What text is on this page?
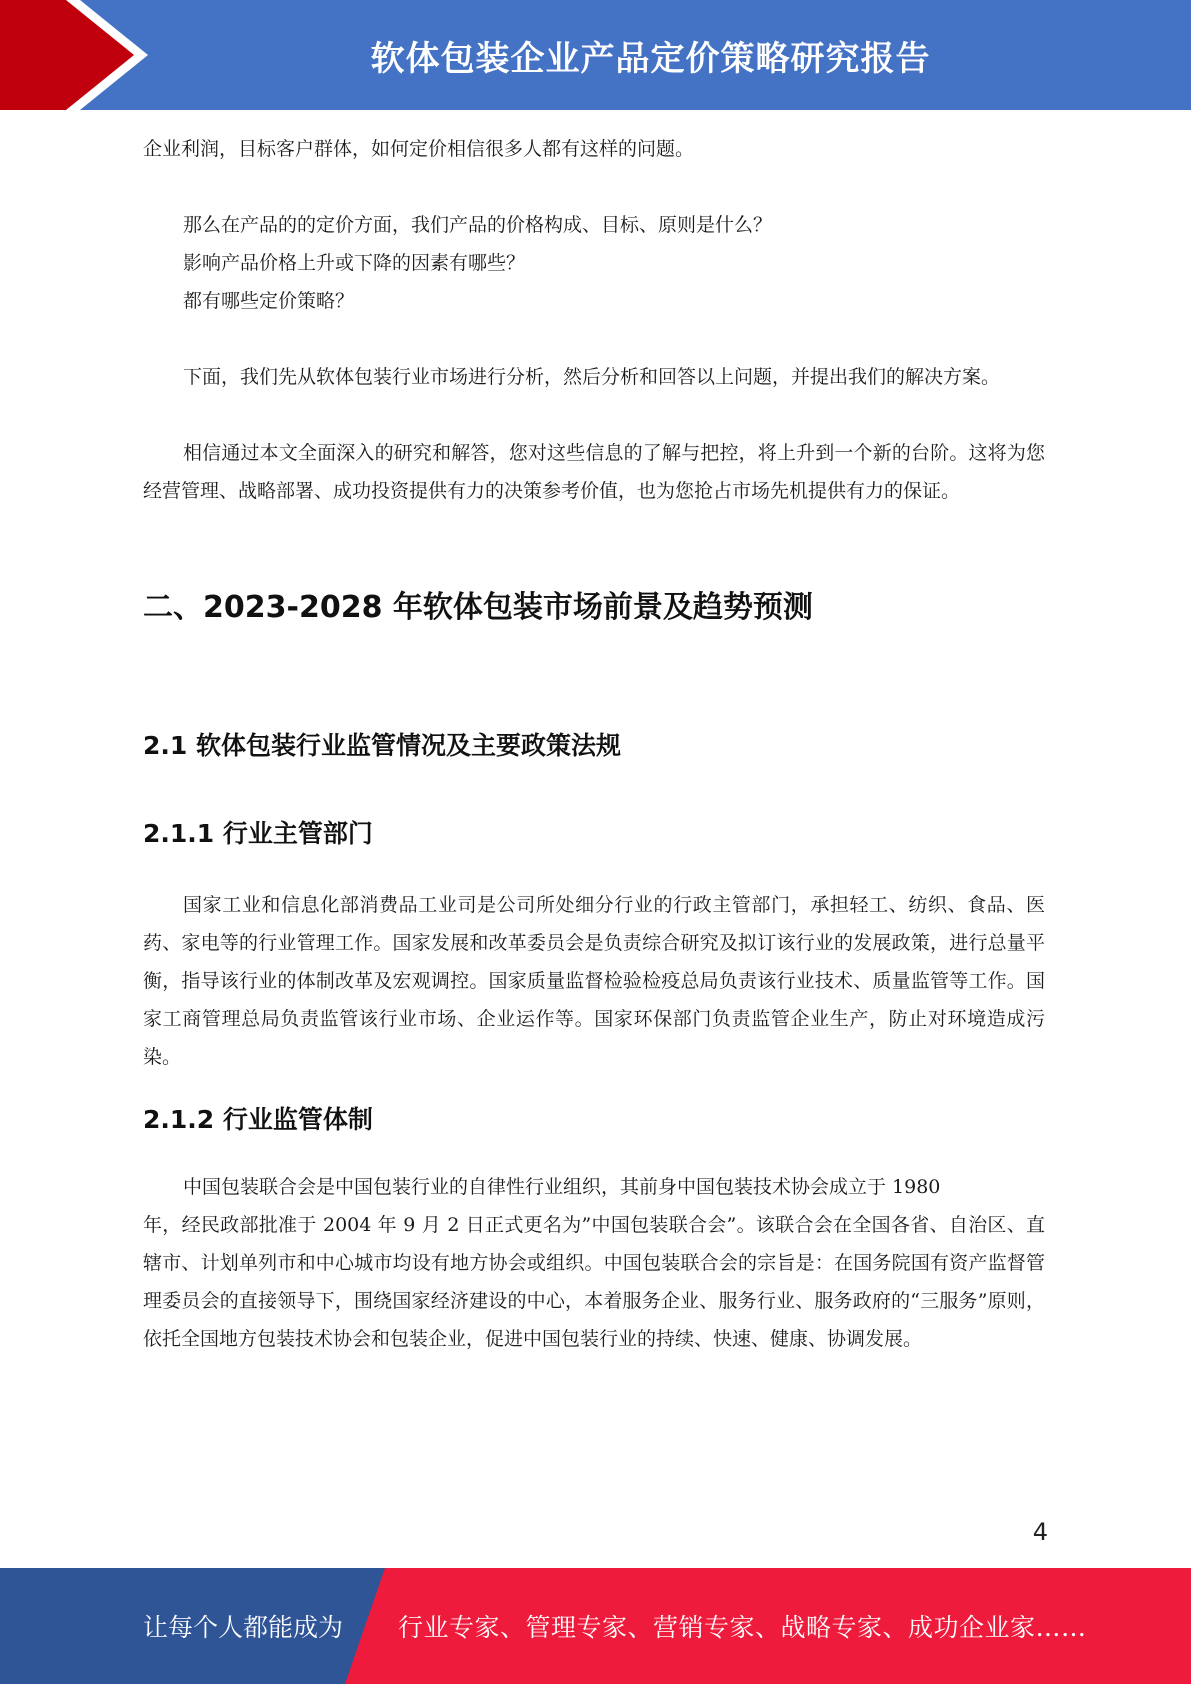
软体包装企业产品定价策略研究报告

企业利润，目标客户群体，如何定价相信很多人都有这样的问题。

那么在产品的的定价方面，我们产品的价格构成、目标、原则是什么？

影响产品价格上升或下降的因素有哪些？

都有哪些定价策略？

下面，我们先从软体包装行业市场进行分析，然后分析和回答以上问题，并提出我们的解决方案。

相信通过本文全面深入的研究和解答，您对这些信息的了解与把控，将上升到一个新的台阶。这将为您经营管理、战略部署、成功投资提供有力的决策参考价值，也为您抢占市场先机提供有力的保证。

二、2023-2028 年软体包装市场前景及趋势预测
2.1 软体包装行业监管情况及主要政策法规
2.1.1 行业主管部门

国家工业和信息化部消费品工业司是公司所处细分行业的行政主管部门，承担轻工、纺织、食品、医药、家电等的行业管理工作。国家发展和改革委员会是负责综合研究及拟订该行业的发展政策，进行总量平衡，指导该行业的体制改革及宏观调控。国家质量监督检验检疫总局负责该行业技术、质量监管等工作。国家工商管理总局负责监管该行业市场、企业运作等。国家环保部门负责监管企业生产，防止对环境造成污染。

2.1.2 行业监管体制

中国包装联合会是中国包装行业的自律性行业组织，其前身中国包装技术协会成立于 1980

年，经民政部批准于 2004 年 9 月 2 日正式更名为”中国包装联合会”。该联合会在全国各省、自治区、直辖市、计划单列市和中心城市均设有地方协会或组织。中国包装联合会的宗旨是：在国务院国有资产监督管理委员会的直接领导下，围绕国家经济建设的中心，本着服务企业、服务行业、服务政府的“三服务”原则，依托全国地方包装技术协会和包装企业，促进中国包装行业的持续、快速、健康、协调发展。

4
让每个人都能成为 行业专家、管理专家、营销专家、战略专家、成功企业家……
